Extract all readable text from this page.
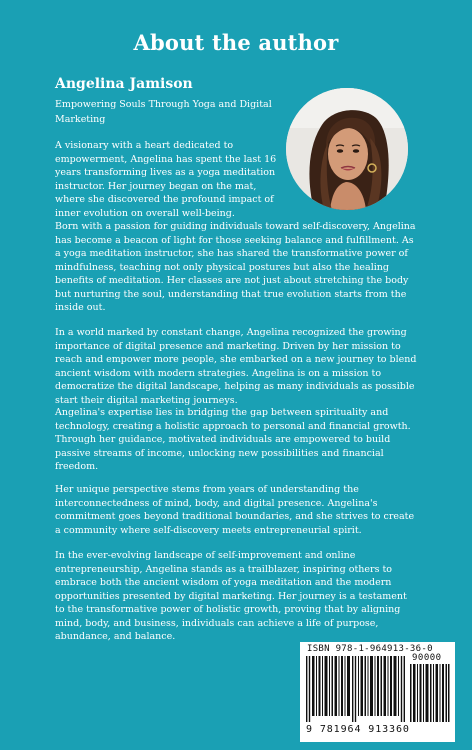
About the author
Angelina Jamison
Empowering Souls Through Yoga and Digital Marketing
A visionary with a heart dedicated to empowerment, Angelina has spent the last 16 years transforming lives as a yoga meditation instructor. Her journey began on the mat, where she discovered the profound impact of inner evolution on overall well-being.
Born with a passion for guiding individuals toward self-discovery, Angelina has become a beacon of light for those seeking balance and fulfillment. As a yoga meditation instructor, she has shared the transformative power of mindfulness, teaching not only physical postures but also the healing benefits of meditation. Her classes are not just about stretching the body but nurturing the soul, understanding that true evolution starts from the inside out.
In a world marked by constant change, Angelina recognized the growing importance of digital presence and marketing. Driven by her mission to reach and empower more people, she embarked on a new journey to blend ancient wisdom with modern strategies. Angelina is on a mission to democratize the digital landscape, helping as many individuals as possible start their digital marketing journeys.
Angelina's expertise lies in bridging the gap between spirituality and technology, creating a holistic approach to personal and financial growth. Through her guidance, motivated individuals are empowered to build passive streams of income, unlocking new possibilities and financial freedom.
Her unique perspective stems from years of understanding the interconnectedness of mind, body, and digital presence. Angelina's commitment goes beyond traditional boundaries, and she strives to create a community where self-discovery meets entrepreneurial spirit.
In the ever-evolving landscape of self-improvement and online entrepreneurship, Angelina stands as a trailblazer, inspiring others to embrace both the ancient wisdom of yoga meditation and the modern opportunities presented by digital marketing. Her journey is a testament to the transformative power of holistic growth, proving that by aligning mind, body, and business, individuals can achieve a life of purpose, abundance, and balance.
ISBN 978-1-964913-36-0
90000
9 781964 913360
